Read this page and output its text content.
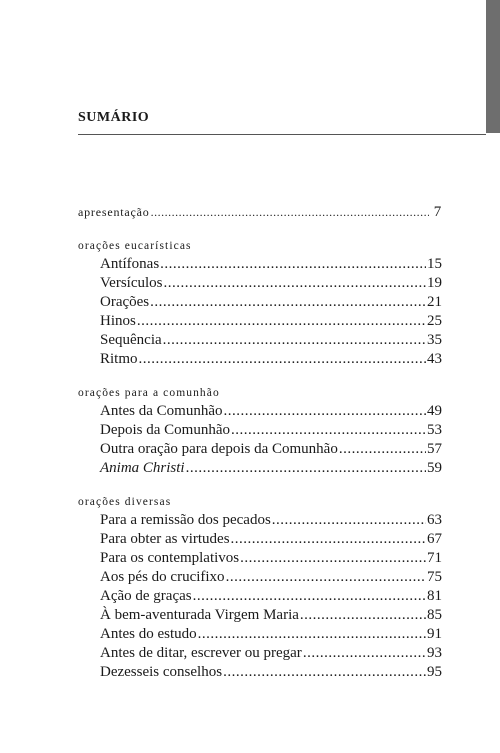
SUMÁRIO
apresentação .....	7
orações eucarísticas
Antífonas .....	15
Versículos .....	19
Orações .....	21
Hinos .....	25
Sequência .....	35
Ritmo .....	43
orações para a comunhão
Antes da Comunhão .....	49
Depois da Comunhão .....	53
Outra oração para depois da Comunhão .....	57
Anima Christi .....	59
orações diversas
Para a remissão dos pecados .....	63
Para obter as virtudes .....	67
Para os contemplativos .....	71
Aos pés do crucifixo .....	75
Ação de graças .....	81
À bem-aventurada Virgem Maria .....	85
Antes do estudo .....	91
Antes de ditar, escrever ou pregar .....	93
Dezesseis conselhos .....	95
